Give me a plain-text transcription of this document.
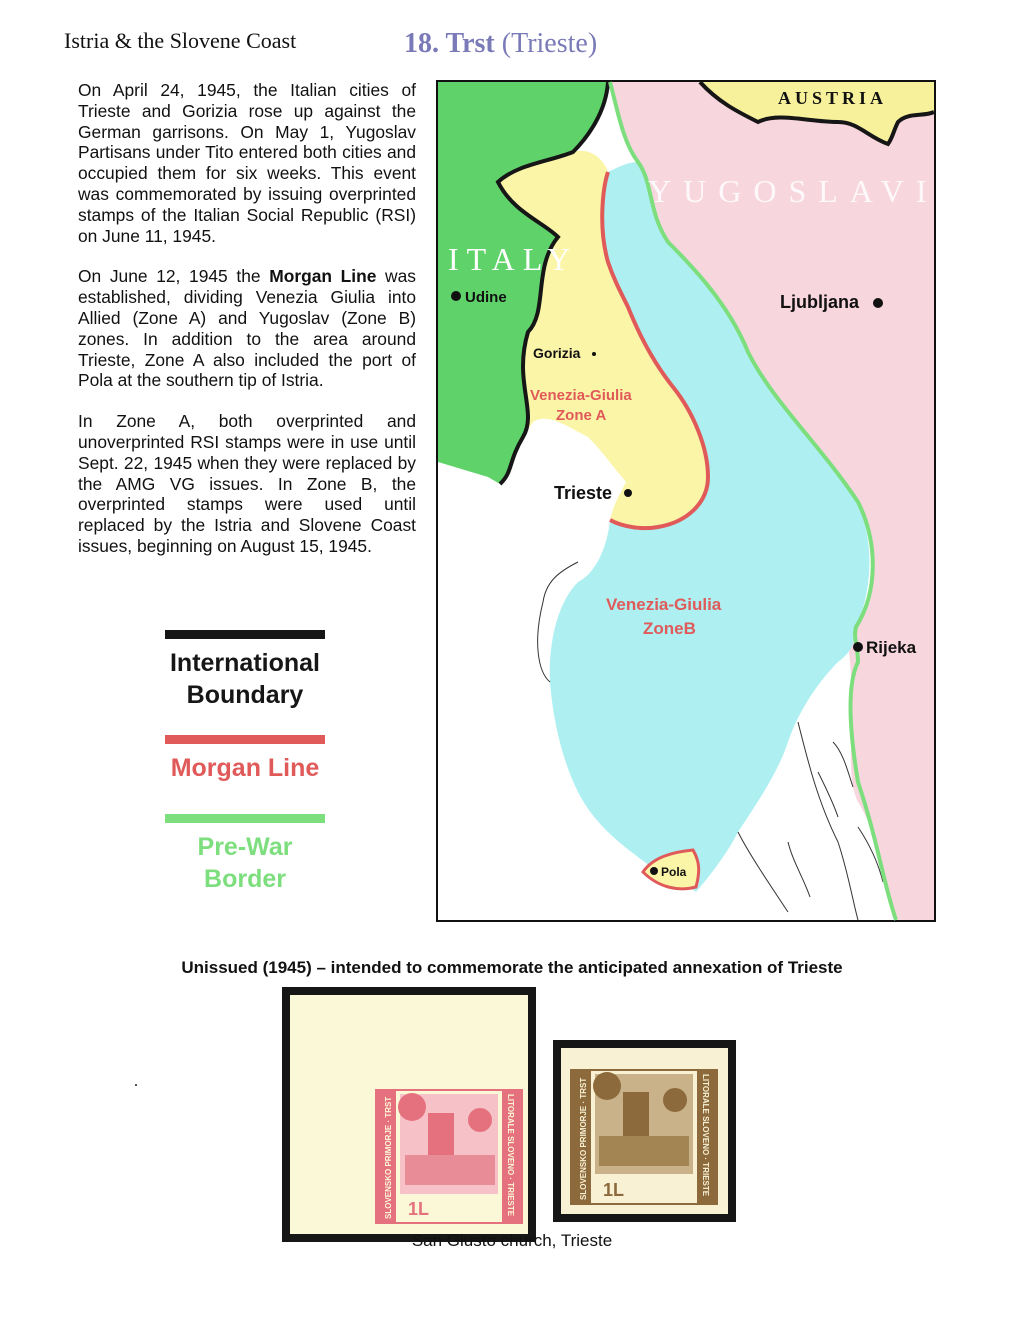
Istria & the Slovene Coast	18. Trst (Trieste)

On April 24, 1945, the Italian cities of Trieste and Gorizia rose up against the German garrisons. On May 1, Yugoslav Partisans under Tito entered both cities and occupied them for six weeks. This event was commemorated by issuing overprinted stamps of the Italian Social Republic (RSI) on June 11, 1945.

On June 12, 1945 the Morgan Line was established, dividing Venezia Giulia into Allied (Zone A) and Yugoslav (Zone B) zones. In addition to the area around Trieste, Zone A also included the port of Pola at the southern tip of Istria.

In Zone A, both overprinted and unoverprinted RSI stamps were in use until Sept. 22, 1945 when they were replaced by the AMG VG issues. In Zone B, the overprinted stamps were used until replaced by the Istria and Slovene Coast issues, beginning on August 15, 1945.

International
Boundary
Morgan Line
Pre-War
Border
AUSTRIA
YUGOSLAVIA
ITALY
Udine	Ljubljana
Gorizia
Venezia-Giulia
Zone A
Trieste
Venezia-Giulia
ZoneB
Rijeka
Pola
Unissued (1945) – intended to commemorate the anticipated annexation of Trieste
1L
SLOVENSKO PRIMORJE · TRST	LITORALE SLOVENO · TRIESTE	1L
SLOVENSKO PRIMORJE · TRST	LITORALE SLOVENO · TRIESTE
San Giusto church, Trieste
